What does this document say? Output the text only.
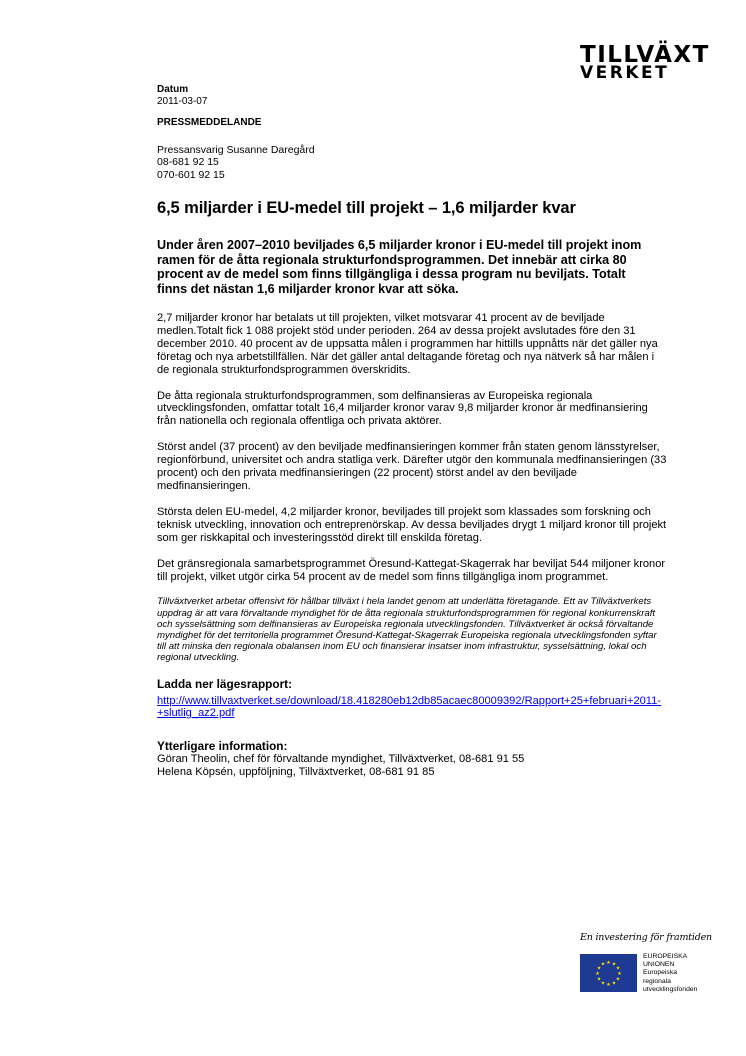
TILLVÄXT
VERKET
Datum
2011-03-07
PRESSMEDDELANDE
Pressansvarig Susanne Daregård
08-681 92 15
070-601 92 15
6,5 miljarder i EU-medel till projekt – 1,6 miljarder kvar

Under åren 2007–2010 beviljades 6,5 miljarder kronor i EU-medel till projekt inom ramen för de åtta regionala strukturfondsprogrammen. Det innebär att cirka 80 procent av de medel som finns tillgängliga i dessa program nu beviljats. Totalt finns det nästan 1,6 miljarder kronor kvar att söka.

2,7 miljarder kronor har betalats ut till projekten, vilket motsvarar 41 procent av de beviljade medlen.Totalt fick 1 088 projekt stöd under perioden. 264 av dessa projekt avslutades före den 31 december 2010. 40 procent av de uppsatta målen i programmen har hittills uppnåtts när det gäller nya företag och nya arbetstillfällen. När det gäller antal deltagande företag och nya nätverk så har målen i de regionala strukturfondsprogrammen överskridits.

De åtta regionala strukturfondsprogrammen, som delfinansieras av Europeiska regionala utvecklingsfonden, omfattar totalt 16,4 miljarder kronor varav 9,8 miljarder kronor är medfinansiering från nationella och regionala offentliga och privata aktörer.

Störst andel (37 procent) av den beviljade medfinansieringen kommer från staten genom länsstyrelser, regionförbund, universitet och andra statliga verk. Därefter utgör den kommunala medfinansieringen (33 procent) och den privata medfinansieringen (22 procent) störst andel av den beviljade medfinansieringen.

Största delen EU-medel, 4,2 miljarder kronor, beviljades till projekt som klassades som forskning och teknisk utveckling, innovation och entreprenörskap. Av dessa beviljades drygt 1 miljard kronor till projekt som ger riskkapital och investeringsstöd direkt till enskilda företag.

Det gränsregionala samarbetsprogrammet Öresund-Kattegat-Skagerrak har beviljat 544 miljoner kronor till projekt, vilket utgör cirka 54 procent av de medel som finns tillgängliga inom programmet.

Tillväxtverket arbetar offensivt för hållbar tillväxt i hela landet genom att underlätta företagande. Ett av Tillväxtverkets uppdrag är att vara förvaltande myndighet för de åtta regionala strukturfondsprogrammen för regional konkurrenskraft och sysselsättning som delfinansieras av Europeiska regionala utvecklingsfonden. Tillväxtverket är också förvaltande myndighet för det territoriella programmet Öresund-Kattegat-Skagerrak Europeiska regionala utvecklingsfonden syftar till att minska den regionala obalansen inom EU och finansierar insatser inom infrastruktur, sysselsättning, lokal och regional utveckling.

Ladda ner lägesrapport:
http://www.tillvaxtverket.se/download/18.418280eb12db85acaec80009392/Rapport+25+februari+2011-+slutlig_az2.pdf
Ytterligare information:

Göran Theolin, chef för förvaltande myndighet, Tillväxtverket, 08-681 91 55

Helena Köpsén, uppföljning, Tillväxtverket, 08-681 91 85

En investering för framtiden
★ ★
★
★
★
★
★
★
★
★
★
★
EUROPEISKA
UNIONEN
Europeiska
regionala
utvecklingsfonden
